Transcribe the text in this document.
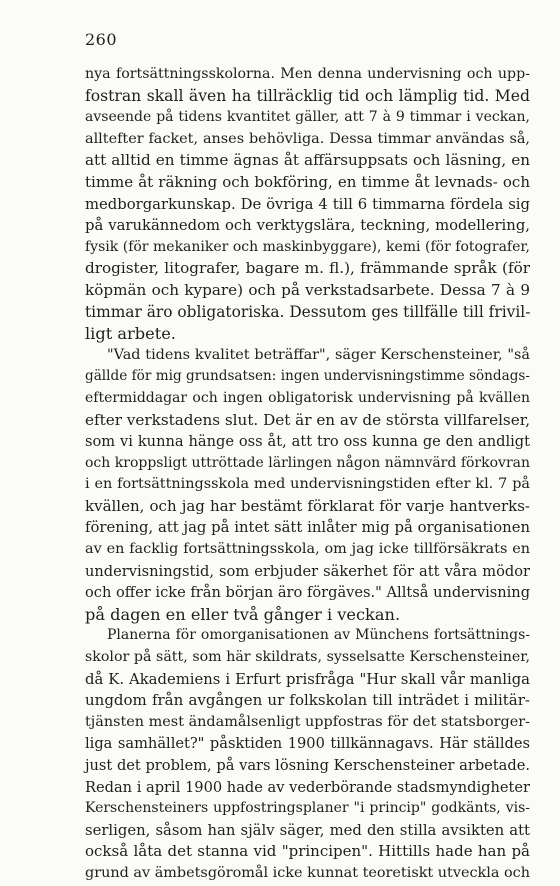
260
nya fortsättningsskolorna. Men denna undervisning och upp-
fostran skall även ha tillräcklig tid och lämplig tid. Med
avseende på tidens kvantitet gäller, att 7 à 9 timmar i veckan,
alltefter facket, anses behövliga. Dessa timmar användas så,
att alltid en timme ägnas åt affärsuppsats och läsning, en
timme åt räkning och bokföring, en timme åt levnads- och
medborgarkunskap. De övriga 4 till 6 timmarna fördela sig
på varukännedom och verktygslära, teckning, modellering,
fysik (för mekaniker och maskinbyggare), kemi (för fotografer,
drogister, litografer, bagare m. fl.), främmande språk (för
köpmän och kypare) och på verkstadsarbete. Dessa 7 à 9
timmar äro obligatoriska. Dessutom ges tillfälle till frivil-
ligt arbete.
"Vad tidens kvalitet beträffar", säger Kerschensteiner, "så
gällde för mig grundsatsen: ingen undervisningstimme söndags-
eftermiddagar och ingen obligatorisk undervisning på kvällen
efter verkstadens slut. Det är en av de största villfarelser,
som vi kunna hänge oss åt, att tro oss kunna ge den andligt
och kroppsligt uttröttade lärlingen någon nämnvärd förkovran
i en fortsättningsskola med undervisningstiden efter kl. 7 på
kvällen, och jag har bestämt förklarat för varje hantverks-
förening, att jag på intet sätt inlåter mig på organisationen
av en facklig fortsättningsskola, om jag icke tillförsäkrats en
undervisningstid, som erbjuder säkerhet för att våra mödor
och offer icke från början äro förgäves." Alltså undervisning
på dagen en eller två gånger i veckan.
Planerna för omorganisationen av Münchens fortsättnings-
skolor på sätt, som här skildrats, sysselsatte Kerschensteiner,
då K. Akademiens i Erfurt prisfråga "Hur skall vår manliga
ungdom från avgången ur folkskolan till inträdet i militär-
tjänsten mest ändamålsenligt uppfostras för det statsborger-
liga samhället?" påsktiden 1900 tillkännagavs. Här ställdes
just det problem, på vars lösning Kerschensteiner arbetade.
Redan i april 1900 hade av vederbörande stadsmyndigheter
Kerschensteiners uppfostringsplaner "i princip" godkänts, vis-
serligen, såsom han själv säger, med den stilla avsikten att
också låta det stanna vid "principen". Hittills hade han på
grund av ämbetsgöromål icke kunnat teoretiskt utveckla och
